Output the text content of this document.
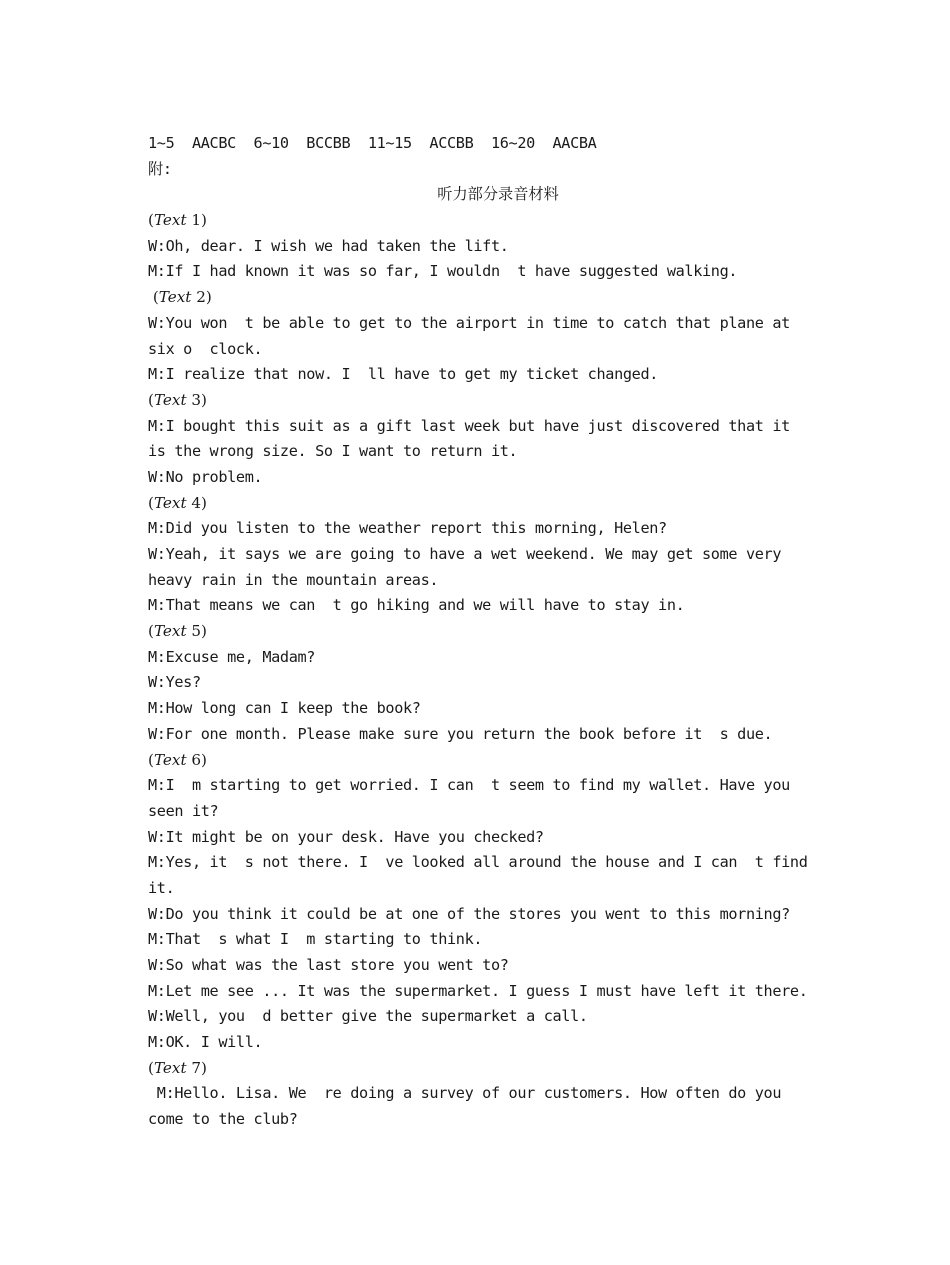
1~5  AACBC  6~10  BCCBB  11~15  ACCBB  16~20  AACBA
附:
听力部分录音材料
(Text 1)
W:Oh, dear. I wish we had taken the lift.
M:If I had known it was so far, I wouldn  t have suggested walking.
(Text 2)
W:You won  t be able to get to the airport in time to catch that plane at
six o  clock.
M:I realize that now. I  ll have to get my ticket changed.
(Text 3)
M:I bought this suit as a gift last week but have just discovered that it
is the wrong size. So I want to return it.
W:No problem.
(Text 4)
M:Did you listen to the weather report this morning, Helen?
W:Yeah, it says we are going to have a wet weekend. We may get some very
heavy rain in the mountain areas.
M:That means we can  t go hiking and we will have to stay in.
(Text 5)
M:Excuse me, Madam?
W:Yes?
M:How long can I keep the book?
W:For one month. Please make sure you return the book before it  s due.
(Text 6)
M:I  m starting to get worried. I can  t seem to find my wallet. Have you
seen it?
W:It might be on your desk. Have you checked?
M:Yes, it  s not there. I  ve looked all around the house and I can  t find
it.
W:Do you think it could be at one of the stores you went to this morning?
M:That  s what I  m starting to think.
W:So what was the last store you went to?
M:Let me see ... It was the supermarket. I guess I must have left it there.
W:Well, you  d better give the supermarket a call.
M:OK. I will.
(Text 7)
M:Hello. Lisa. We  re doing a survey of our customers. How often do you
come to the club?
